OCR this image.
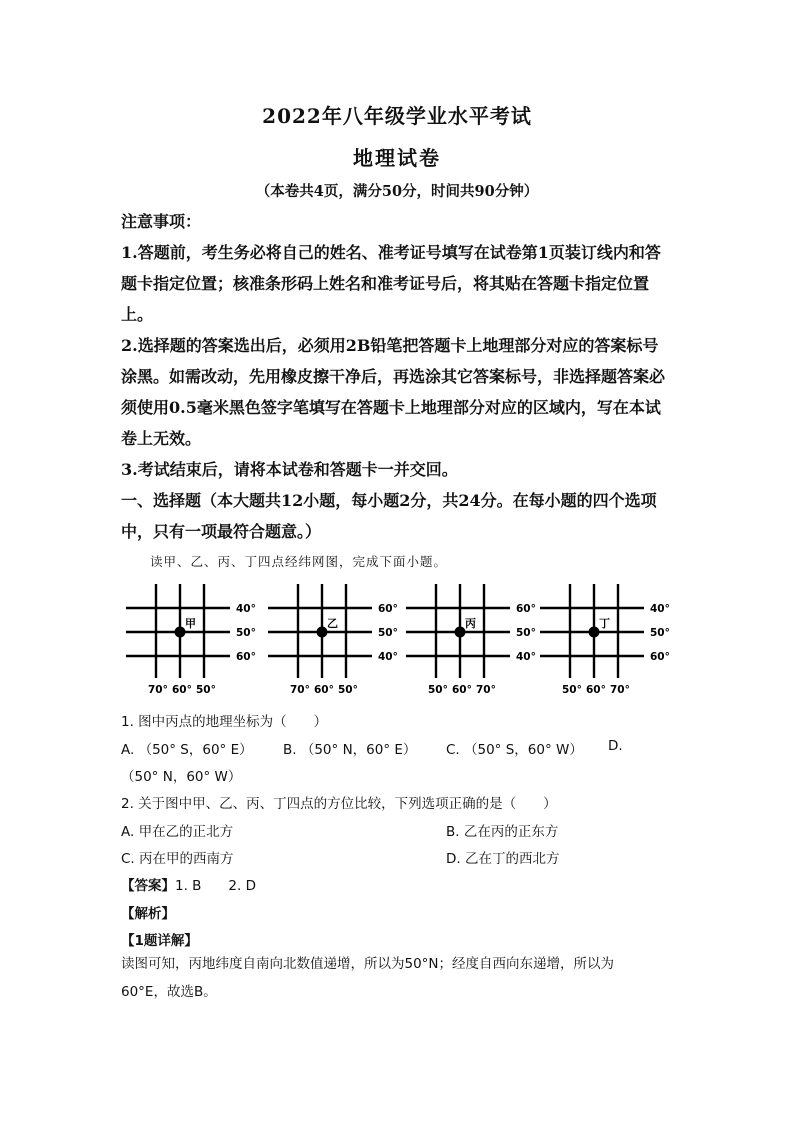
2022年八年级学业水平考试
地理试卷
（本卷共4页，满分50分，时间共90分钟）

注意事项：

1.答题前，考生务必将自己的姓名、准考证号填写在试卷第1页装订线内和答

题卡指定位置；核准条形码上姓名和准考证号后，将其贴在答题卡指定位置

上。

2.选择题的答案选出后，必须用2B铅笔把答题卡上地理部分对应的答案标号

涂黑。如需改动，先用橡皮擦干净后，再选涂其它答案标号，非选择题答案必

须使用0.5毫米黑色签字笔填写在答题卡上地理部分对应的区域内，写在本试

卷上无效。

3.考试结束后，请将本试卷和答题卡一并交回。

一、选择题（本大题共12小题，每小题2分，共24分。在每小题的四个选项

中，只有一项最符合题意。）

读甲、乙、丙、丁四点经纬网图，完成下面小题。
40°
50°
60°
70° 60° 50°
甲
60°
50°
40°
70° 60° 50°
乙
60°
50°
40°
50° 60° 70°
丙
40°
50°
60°
50° 60° 70°
丁
1. 图中丙点的地理坐标为（　　）
A. （50° S，60° E） B. （50° N，60° E） C. （50° S，60° W） D.
（50° N，60° W）
2. 关于图中甲、乙、丙、丁四点的方位比较，下列选项正确的是（　　）
A. 甲在乙的正北方	B. 乙在丙的正东方
C. 丙在甲的西南方	D. 乙在丁的西北方
【答案】1. B　　2. D
【解析】
【1题详解】
读图可知，丙地纬度自南向北数值递增，所以为50°N；经度自西向东递增，所以为
60°E，故选B。
